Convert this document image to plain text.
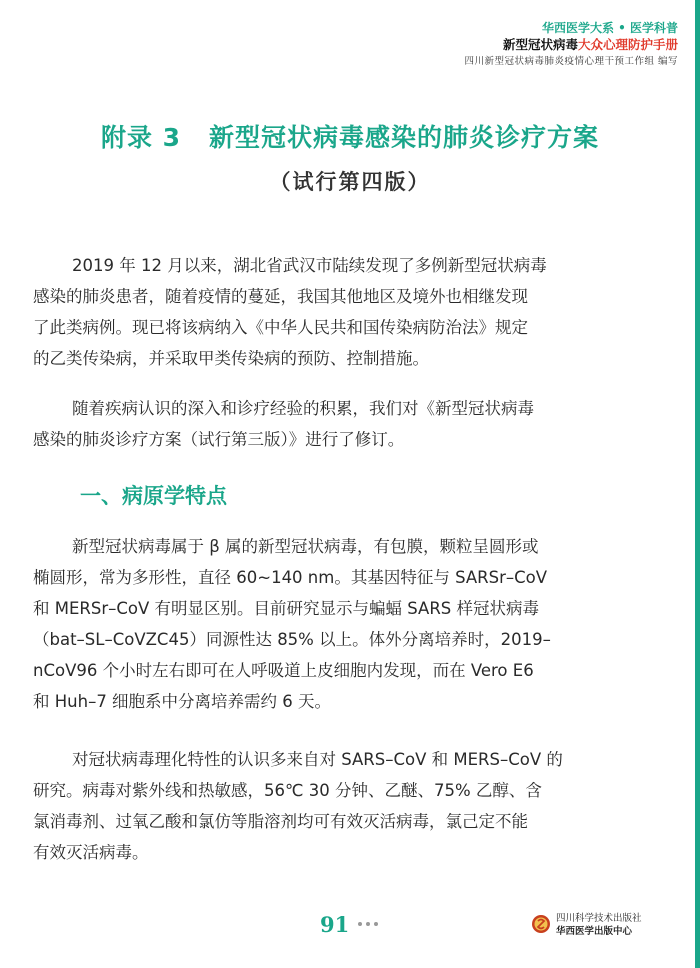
华西医学大系 • 医学科普
新型冠状病毒大众心理防护手册
四川新型冠状病毒肺炎疫情心理干预工作组 编写
附录 3 新型冠状病毒感染的肺炎诊疗方案
（试行第四版）

2019 年 12 月以来，湖北省武汉市陆续发现了多例新型冠状病毒
感染的肺炎患者，随着疫情的蔓延，我国其他地区及境外也相继发现
了此类病例。现已将该病纳入《中华人民共和国传染病防治法》规定
的乙类传染病，并采取甲类传染病的预防、控制措施。

随着疾病认识的深入和诊疗经验的积累，我们对《新型冠状病毒
感染的肺炎诊疗方案（试行第三版）》进行了修订。

一、病原学特点

新型冠状病毒属于 β 属的新型冠状病毒，有包膜，颗粒呈圆形或
椭圆形，常为多形性，直径 60~140 nm。其基因特征与 SARSr–CoV
和 MERSr–CoV 有明显区别。目前研究显示与蝙蝠 SARS 样冠状病毒
（bat–SL–CoVZC45）同源性达 85% 以上。体外分离培养时，2019–
nCoV96 个小时左右即可在人呼吸道上皮细胞内发现，而在 Vero E6
和 Huh–7 细胞系中分离培养需约 6 天。

对冠状病毒理化特性的认识多来自对 SARS–CoV 和 MERS–CoV 的
研究。病毒对紫外线和热敏感，56℃ 30 分钟、乙醚、75% 乙醇、含
氯消毒剂、过氧乙酸和氯仿等脂溶剂均可有效灭活病毒，氯己定不能
有效灭活病毒。

91	四川科学技术出版社
华西医学出版中心
